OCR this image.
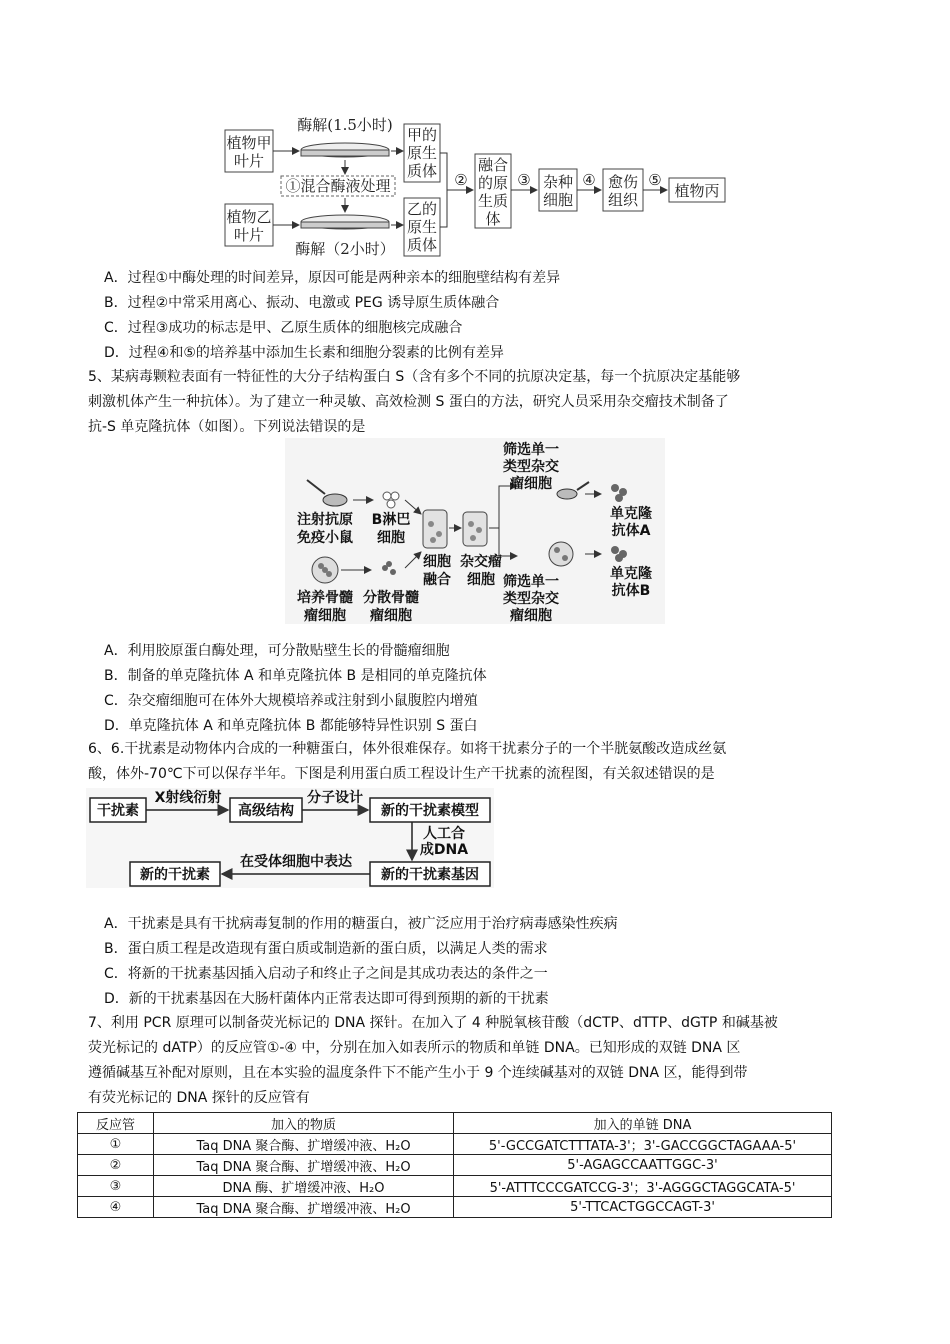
植物甲
叶片
酶解(1.5小时)
①混合酶液处理
植物乙
叶片
酶解（2小时）
甲的
原生
质体
乙的
原生
质体
②
融合
的原
生质
体
③ 杂种
细胞
④ 愈伤
组织
⑤
植物丙
A．过程①中酶处理的时间差异，原因可能是两种亲本的细胞壁结构有差异
B．过程②中常采用离心、振动、电激或 PEG 诱导原生质体融合
C．过程③成功的标志是甲、乙原生质体的细胞核完成融合
D．过程④和⑤的培养基中添加生长素和细胞分裂素的比例有差异
5、某病毒颗粒表面有一特征性的大分子结构蛋白 S（含有多个不同的抗原决定基，每一个抗原决定基能够
刺激机体产生一种抗体）。为了建立一种灵敏、高效检测 S 蛋白的方法，研究人员采用杂交瘤技术制备了
抗-S 单克隆抗体（如图）。下列说法错误的是
注射抗原
免疫小鼠
B淋巴
细胞
培养骨髓
瘤细胞
分散骨髓
瘤细胞
细胞
融合
杂交瘤
细胞
筛选单一
类型杂交
瘤细胞
单克隆
抗体A
筛选单一
类型杂交
瘤细胞
单克隆
抗体B
A．利用胶原蛋白酶处理，可分散贴壁生长的骨髓瘤细胞
B．制备的单克隆抗体 A 和单克隆抗体 B 是相同的单克隆抗体
C．杂交瘤细胞可在体外大规模培养或注射到小鼠腹腔内增殖
D．单克隆抗体 A 和单克隆抗体 B 都能够特异性识别 S 蛋白
6、6.干扰素是动物体内合成的一种糖蛋白，体外很难保存。如将干扰素分子的一个半胱氨酸改造成丝氨
酸，体外-70℃下可以保存半年。下图是利用蛋白质工程设计生产干扰素的流程图，有关叙述错误的是
干扰素
X射线衍射
高级结构
分子设计
新的干扰素模型
人工合
成DNA
新的干扰素基因
在受体细胞中表达
新的干扰素
A．干扰素是具有干扰病毒复制的作用的糖蛋白，被广泛应用于治疗病毒感染性疾病
B．蛋白质工程是改造现有蛋白质或制造新的蛋白质，以满足人类的需求
C．将新的干扰素基因插入启动子和终止子之间是其成功表达的条件之一
D．新的干扰素基因在大肠杆菌体内正常表达即可得到预期的新的干扰素
7、利用 PCR 原理可以制备荧光标记的 DNA 探针。在加入了 4 种脱氧核苷酸（dCTP、dTTP、dGTP 和碱基被
荧光标记的 dATP）的反应管①-④ 中，分别在加入如表所示的物质和单链 DNA。已知形成的双链 DNA 区
遵循碱基互补配对原则，且在本实验的温度条件下不能产生小于 9 个连续碱基对的双链 DNA 区，能得到带
有荧光标记的 DNA 探针的反应管有
反应管	加入的物质	加入的单链 DNA
①	Taq DNA 聚合酶、扩增缓冲液、H₂O	5'-GCCGATCTTTATA-3'；3'-GACCGGCTAGAAA-5'
②	Taq DNA 聚合酶、扩增缓冲液、H₂O	5'-AGAGCCAATTGGC-3'
③	DNA 酶、扩增缓冲液、H₂O	5'-ATTTCCCGATCCG-3'；3'-AGGGCTAGGCATA-5'
④	Taq DNA 聚合酶、扩增缓冲液、H₂O	5'-TTCACTGGCCAGT-3'
